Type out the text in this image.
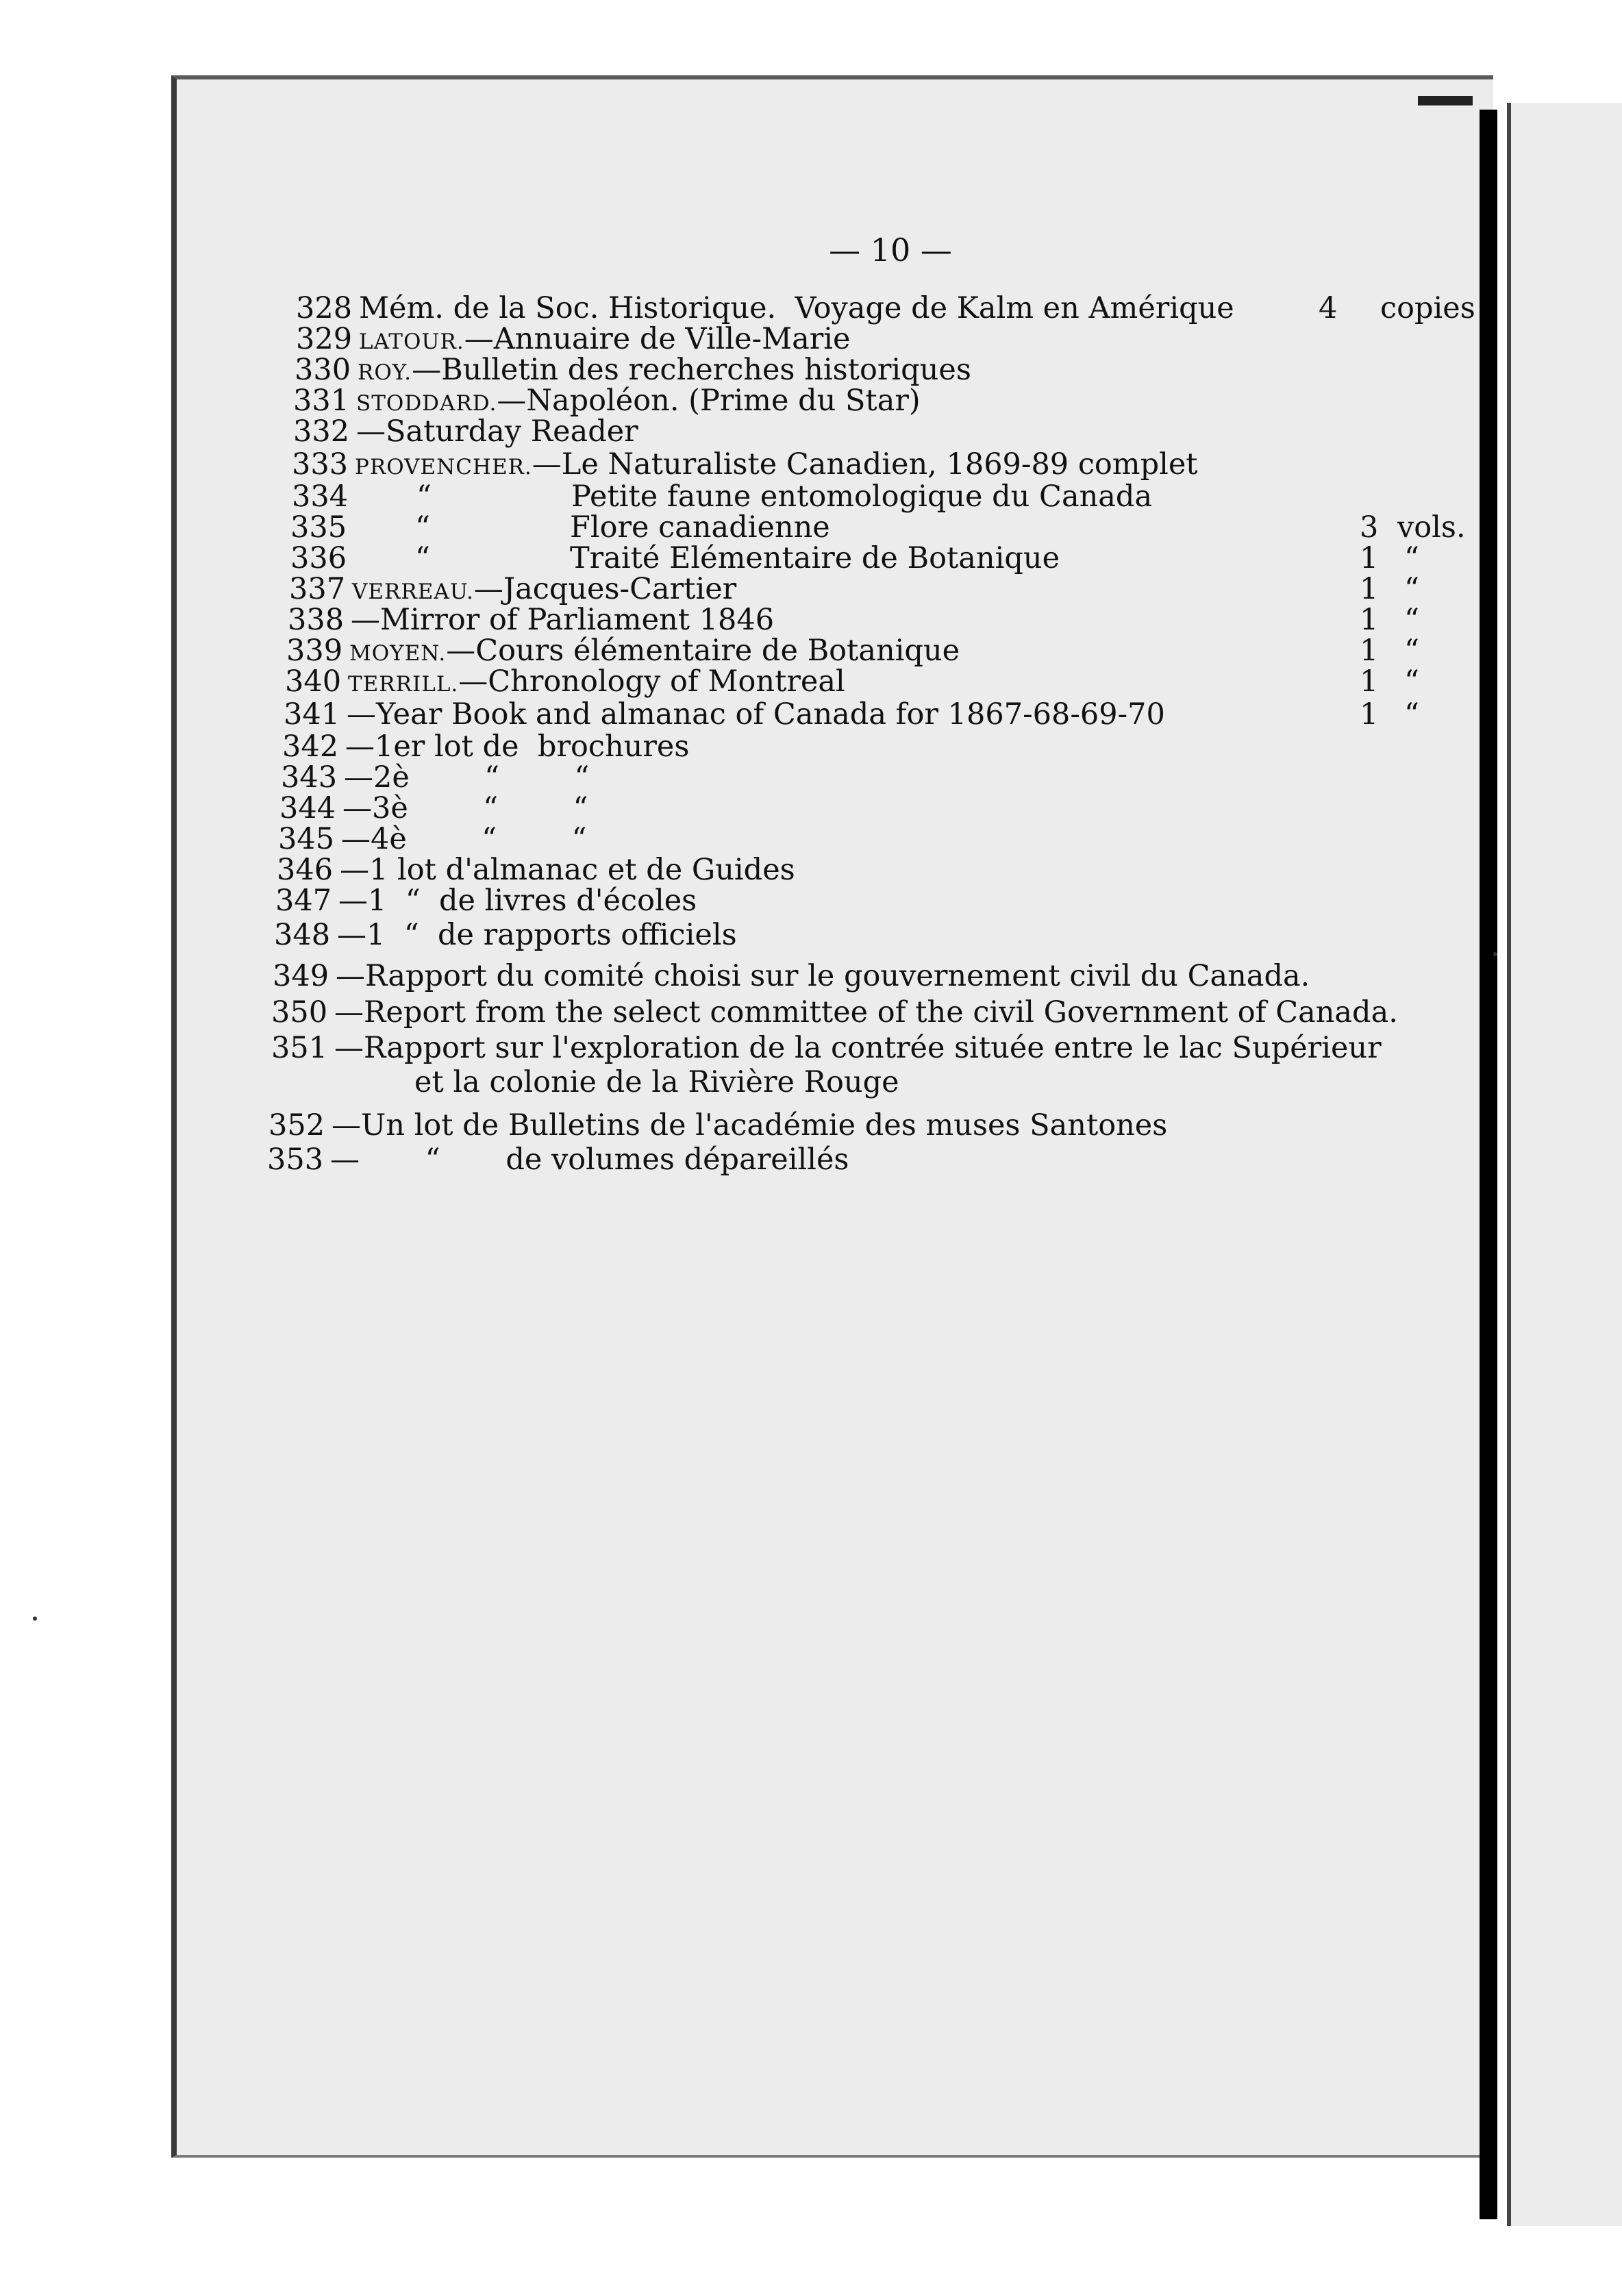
— 10 —
328 Mém. de la Soc. Historique.  Voyage de Kalm en Amérique	4 copies
329 LATOUR.—Annuaire de Ville-Marie
330 ROY.—Bulletin des recherches historiques
331 STODDARD.—Napoléon. (Prime du Star)
332 —Saturday Reader
333 PROVENCHER.—Le Naturaliste Canadien, 1869-89 complet
334	“	Petite faune entomologique du Canada
335	“	Flore canadienne	3 vols.
336	“	Traité Elémentaire de Botanique	1 “
337 VERREAU.—Jacques-Cartier	1 “
338 —Mirror of Parliament 1846	1 “
339 MOYEN.—Cours élémentaire de Botanique	1 “
340 TERRILL.—Chronology of Montreal	1 “
341 —Year Book and almanac of Canada for 1867-68-69-70	1 “
342 —1er lot de  brochures
343 —2è        “        “
344 —3è        “        “
345 —4è        “        “
346 —1 lot d'almanac et de Guides
347 —1  “  de livres d'écoles
348 —1  “  de rapports officiels
349 —Rapport du comité choisi sur le gouvernement civil du Canada.
350 —Report from the select committee of the civil Government of Canada.
351 —Rapport sur l'exploration de la contrée située entre le lac Supérieur
et la colonie de la Rivière Rouge
352 —Un lot de Bulletins de l'académie des muses Santones
353 —       “       de volumes dépareillés
